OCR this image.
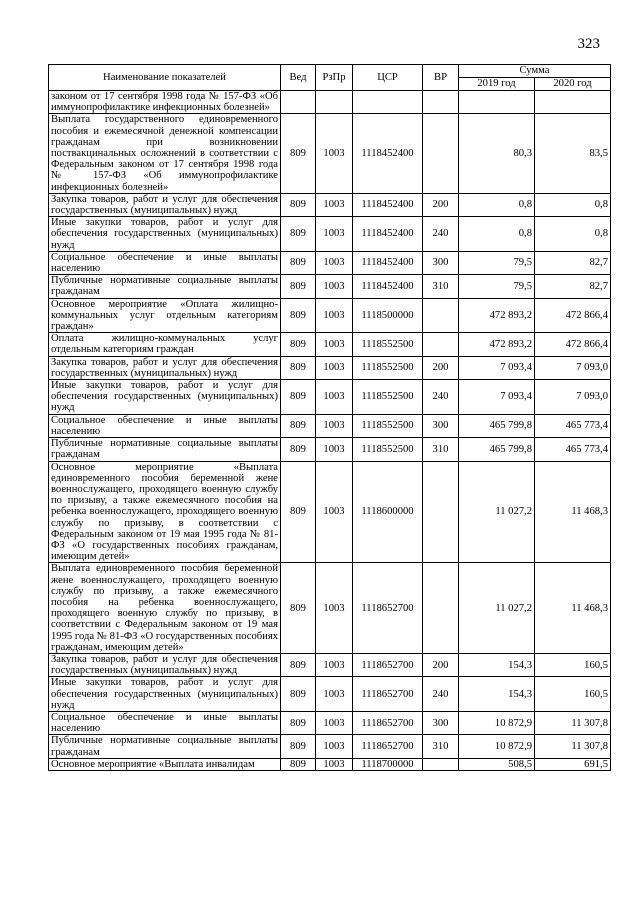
323
Наименование показателей	Вед	РзПр	ЦСР	ВР	Сумма	
					2019 год	2020 год
законом от 17 сентября 1998 года № 157-ФЗ «Об иммунопрофилактике инфекционных болезней»						
Выплата государственного единовременного пособия и ежемесячной денежной компенсации гражданам при возникновении поствакцинальных осложнений в соответствии с Федеральным законом от 17 сентября 1998 года № 157-ФЗ «Об иммунопрофилактике инфекционных болезней»	809	1003	1118452400		80,3	83,5
Закупка товаров, работ и услуг для обеспечения государственных (муниципальных) нужд	809	1003	1118452400	200	0,8	0,8
Иные закупки товаров, работ и услуг для обеспечения государственных (муниципальных) нужд	809	1003	1118452400	240	0,8	0,8
Социальное обеспечение и иные выплаты населению	809	1003	1118452400	300	79,5	82,7
Публичные нормативные социальные выплаты гражданам	809	1003	1118452400	310	79,5	82,7
Основное мероприятие «Оплата жилищно-коммунальных услуг отдельным категориям граждан»	809	1003	1118500000		472 893,2	472 866,4
Оплата жилищно-коммунальных услуг отдельным категориям граждан	809	1003	1118552500		472 893,2	472 866,4
Закупка товаров, работ и услуг для обеспечения государственных (муниципальных) нужд	809	1003	1118552500	200	7 093,4	7 093,0
Иные закупки товаров, работ и услуг для обеспечения государственных (муниципальных) нужд	809	1003	1118552500	240	7 093,4	7 093,0
Социальное обеспечение и иные выплаты населению	809	1003	1118552500	300	465 799,8	465 773,4
Публичные нормативные социальные выплаты гражданам	809	1003	1118552500	310	465 799,8	465 773,4
Основное мероприятие «Выплата единовременного пособия беременной жене военнослужащего, проходящего военную службу по призыву, а также ежемесячного пособия на ребенка военнослужащего, проходящего военную службу по призыву, в соответствии с Федеральным законом от 19 мая 1995 года № 81-ФЗ «О государственных пособиях гражданам, имеющим детей»	809	1003	1118600000		11 027,2	11 468,3
Выплата единовременного пособия беременной жене военнослужащего, проходящего военную службу по призыву, а также ежемесячного пособия на ребенка военнослужащего, проходящего военную службу по призыву, в соответствии с Федеральным законом от 19 мая 1995 года № 81-ФЗ «О государственных пособиях гражданам, имеющим детей»	809	1003	1118652700		11 027,2	11 468,3
Закупка товаров, работ и услуг для обеспечения государственных (муниципальных) нужд	809	1003	1118652700	200	154,3	160,5
Иные закупки товаров, работ и услуг для обеспечения государственных (муниципальных) нужд	809	1003	1118652700	240	154,3	160,5
Социальное обеспечение и иные выплаты населению	809	1003	1118652700	300	10 872,9	11 307,8
Публичные нормативные социальные выплаты гражданам	809	1003	1118652700	310	10 872,9	11 307,8
Основное мероприятие «Выплата инвалидам	809	1003	1118700000		508,5	691,5
